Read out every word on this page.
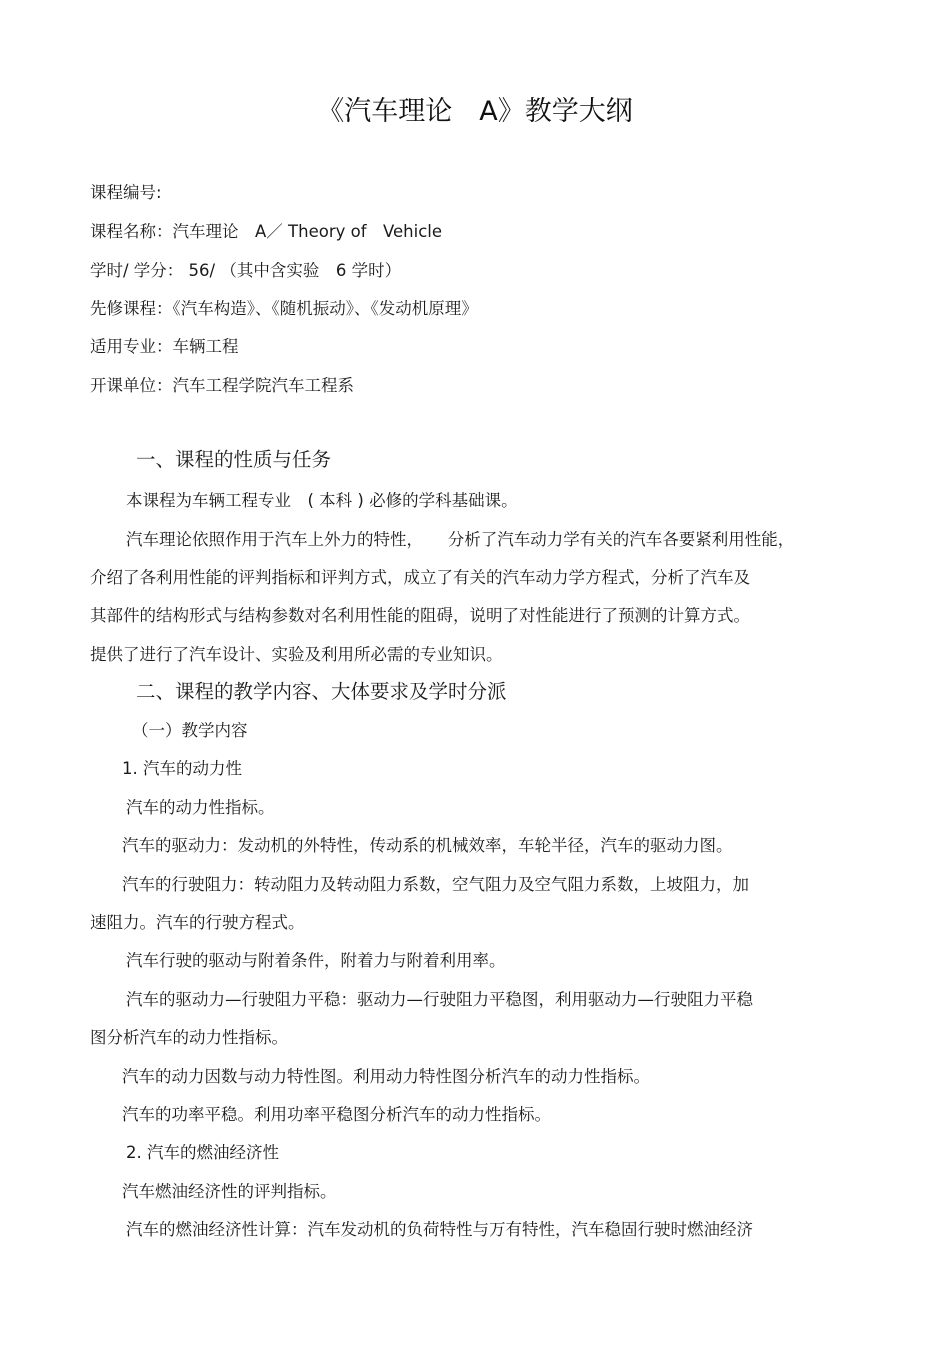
《汽车理论　A》教学大纲
课程编号:
课程名称：汽车理论　A／ Theory of　Vehicle
学时/ 学分： 56/ （其中含实验　6 学时）
先修课程：《汽车构造》、《随机振动》、《发动机原理》
适用专业：车辆工程
开课单位：汽车工程学院汽车工程系
一、课程的性质与任务
本课程为车辆工程专业　( 本科 ) 必修的学科基础课。
汽车理论依照作用于汽车上外力的特性，　　分析了汽车动力学有关的汽车各要紧利用性能，
介绍了各利用性能的评判指标和评判方式，成立了有关的汽车动力学方程式，分析了汽车及
其部件的结构形式与结构参数对名利用性能的阻碍，说明了对性能进行了预测的计算方式。
提供了进行了汽车设计、实验及利用所必需的专业知识。
二、课程的教学内容、大体要求及学时分派
（一）教学内容
1. 汽车的动力性
汽车的动力性指标。
汽车的驱动力：发动机的外特性，传动系的机械效率，车轮半径，汽车的驱动力图。
汽车的行驶阻力：转动阻力及转动阻力系数，空气阻力及空气阻力系数，上坡阻力，加
速阻力。汽车的行驶方程式。
汽车行驶的驱动与附着条件，附着力与附着利用率。
汽车的驱动力—行驶阻力平稳：驱动力—行驶阻力平稳图，利用驱动力—行驶阻力平稳
图分析汽车的动力性指标。
汽车的动力因数与动力特性图。利用动力特性图分析汽车的动力性指标。
汽车的功率平稳。利用功率平稳图分析汽车的动力性指标。
2. 汽车的燃油经济性
汽车燃油经济性的评判指标。
汽车的燃油经济性计算：汽车发动机的负荷特性与万有特性，汽车稳固行驶时燃油经济
